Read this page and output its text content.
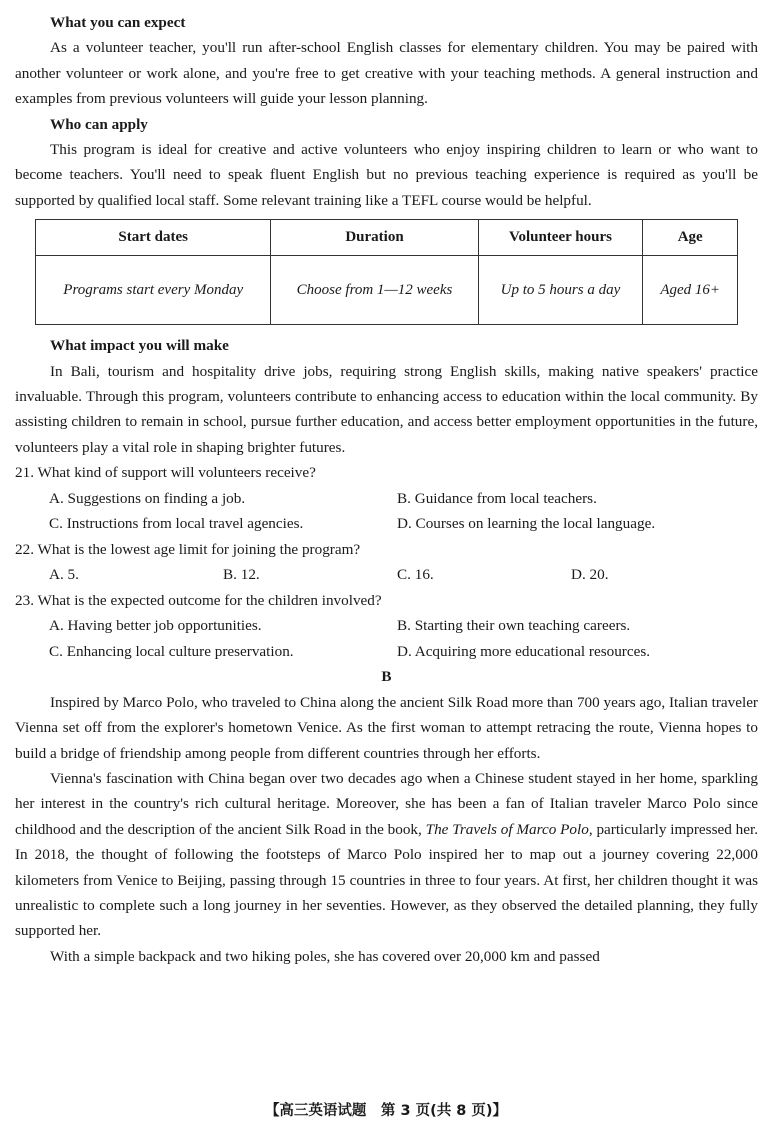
What you can expect

As a volunteer teacher, you'll run after-school English classes for elementary children. You may be paired with another volunteer or work alone, and you're free to get creative with your teaching methods. A general instruction and examples from previous volunteers will guide your lesson planning.

Who can apply

This program is ideal for creative and active volunteers who enjoy inspiring children to learn or who want to become teachers. You'll need to speak fluent English but no previous teaching experience is required as you'll be supported by qualified local staff. Some relevant training like a TEFL course would be helpful.

Start dates	Duration	Volunteer hours	Age
Programs start every Monday	Choose from 1—12 weeks	Up to 5 hours a day	Aged 16+
What impact you will make

In Bali, tourism and hospitality drive jobs, requiring strong English skills, making native speakers' practice invaluable. Through this program, volunteers contribute to enhancing access to education within the local community. By assisting children to remain in school, pursue further education, and access better employment opportunities in the future, volunteers play a vital role in shaping brighter futures.

21. What kind of support will volunteers receive?
A. Suggestions on finding a job.	B. Guidance from local teachers.
C. Instructions from local travel agencies.	D. Courses on learning the local language.
22. What is the lowest age limit for joining the program?
A. 5.	B. 12.	C. 16.	D. 20.
23. What is the expected outcome for the children involved?
A. Having better job opportunities.	B. Starting their own teaching careers.
C. Enhancing local culture preservation.	D. Acquiring more educational resources.
B

Inspired by Marco Polo, who traveled to China along the ancient Silk Road more than 700 years ago, Italian traveler Vienna set off from the explorer's hometown Venice. As the first woman to attempt retracing the route, Vienna hopes to build a bridge of friendship among people from different countries through her efforts.

Vienna's fascination with China began over two decades ago when a Chinese student stayed in her home, sparkling her interest in the country's rich cultural heritage. Moreover, she has been a fan of Italian traveler Marco Polo since childhood and the description of the ancient Silk Road in the book, The Travels of Marco Polo, particularly impressed her. In 2018, the thought of following the footsteps of Marco Polo inspired her to map out a journey covering 22,000 kilometers from Venice to Beijing, passing through 15 countries in three to four years. At first, her children thought it was unrealistic to complete such a long journey in her seventies. However, as they observed the detailed planning, they fully supported her.

With a simple backpack and two hiking poles, she has covered over 20,000 km and passed

【高三英语试题　第 3 页(共 8 页)】
